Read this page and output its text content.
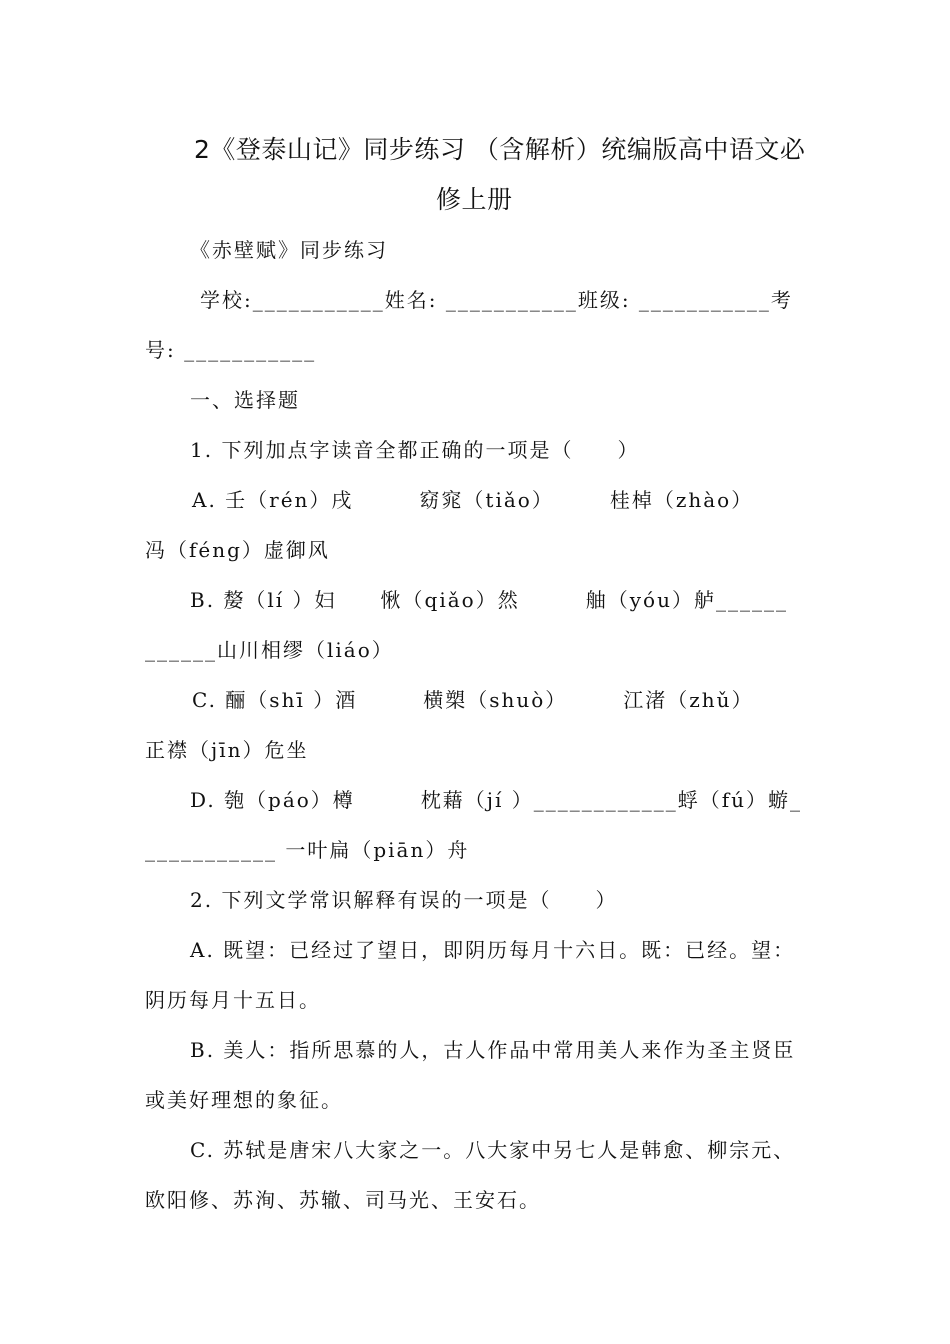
2《登泰山记》同步练习 （含解析）统编版高中语文必
修上册
《赤壁赋》同步练习
学校:___________姓名: ___________班级: ___________考
号: ___________
一、选择题
1. 下列加点字读音全都正确的一项是（　　）
A. 壬（rén）戌　　　窈窕（tiǎo）　　　桂棹（zhào）
冯（féng）虚御风
B. 嫠（lí ）妇　　愀（qiǎo）然　　　舳（yóu）舻______
______山川相缪（liáo）
C. 酾（shī ）酒　　　横槊（shuò）　　　江渚（zhǔ）
正襟（jīn）危坐
D. 匏（páo）樽　　　枕藉（jí ）____________蜉（fú）蝣_
___________ 一叶扁（piān）舟
2. 下列文学常识解释有误的一项是（　　）
A. 既望：已经过了望日，即阴历每月十六日。既：已经。望：
阴历每月十五日。
B. 美人：指所思慕的人，古人作品中常用美人来作为圣主贤臣
或美好理想的象征。
C. 苏轼是唐宋八大家之一。八大家中另七人是韩愈、柳宗元、
欧阳修、苏洵、苏辙、司马光、王安石。
